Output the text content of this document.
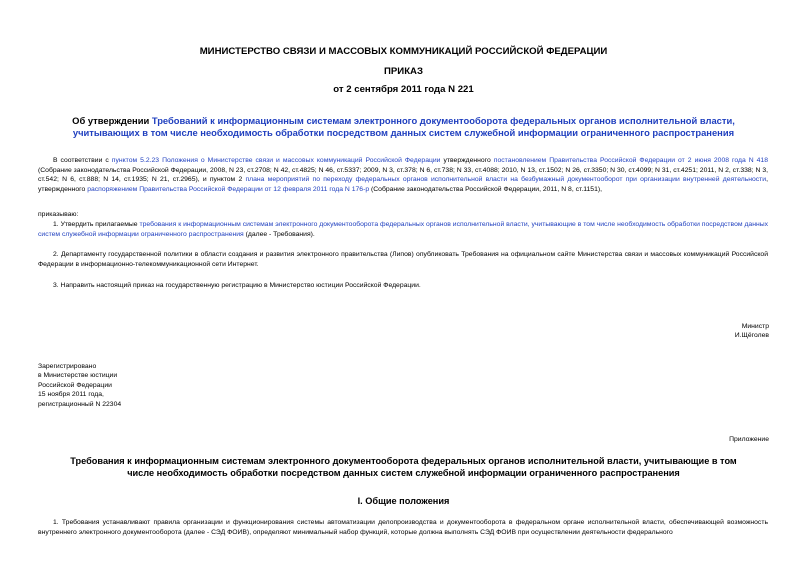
МИНИСТЕРСТВО СВЯЗИ И МАССОВЫХ КОММУНИКАЦИЙ РОССИЙСКОЙ ФЕДЕРАЦИИ
ПРИКАЗ
от 2 сентября 2011 года N 221
Об утверждении Требований к информационным системам электронного документооборота федеральных органов исполнительной власти, учитывающих в том числе необходимость обработки посредством данных систем служебной информации ограниченного распространения
В соответствии с пунктом 5.2.23 Положения о Министерстве связи и массовых коммуникаций Российской Федерации утвержденного постановлением Правительства Российской Федерации от 2 июня 2008 года N 418 (Собрание законодательства Российской Федерации, 2008, N 23, ст.2708; N 42, ст.4825; N 46, ст.5337; 2009, N 3, ст.378; N 6, ст.738; N 33, ст.4088; 2010, N 13, ст.1502; N 26, ст.3350; N 30, ст.4099; N 31, ст.4251; 2011, N 2, ст.338; N 3, ст.542; N 6, ст.888; N 14, ст.1935; N 21, ст.2965), и пунктом 2 плана мероприятий по переходу федеральных органов исполнительной власти на безбумажный документооборот при организации внутренней деятельности, утвержденного распоряжением Правительства Российской Федерации от 12 февраля 2011 года N 176-р (Собрание законодательства Российской Федерации, 2011, N 8, ст.1151),
приказываю:
1. Утвердить прилагаемые требования к информационным системам электронного документооборота федеральных органов исполнительной власти, учитывающие в том числе необходимость обработки посредством данных систем служебной информации ограниченного распространения (далее - Требования).
2. Департаменту государственной политики в области создания и развития электронного правительства (Липов) опубликовать Требования на официальном сайте Министерства связи и массовых коммуникаций Российской Федерации в информационно-телекоммуникационной сети Интернет.
3. Направить настоящий приказ на государственную регистрацию в Министерство юстиции Российской Федерации.
Министр
И.Щёголев
Зарегистрировано
в Министерстве юстиции
Российской Федерации
15 ноября 2011 года,
регистрационный N 22304
Приложение
Требования к информационным системам электронного документооборота федеральных органов исполнительной власти, учитывающие в том числе необходимость обработки посредством данных систем служебной информации ограниченного распространения
I. Общие положения
1. Требования устанавливают правила организации и функционирования системы автоматизации делопроизводства и документооборота в федеральном органе исполнительной власти, обеспечивающей возможность внутреннего электронного документооборота (далее - СЭД ФОИВ), определяют минимальный набор функций, которые должна выполнять СЭД ФОИВ при осуществлении деятельности федерального
